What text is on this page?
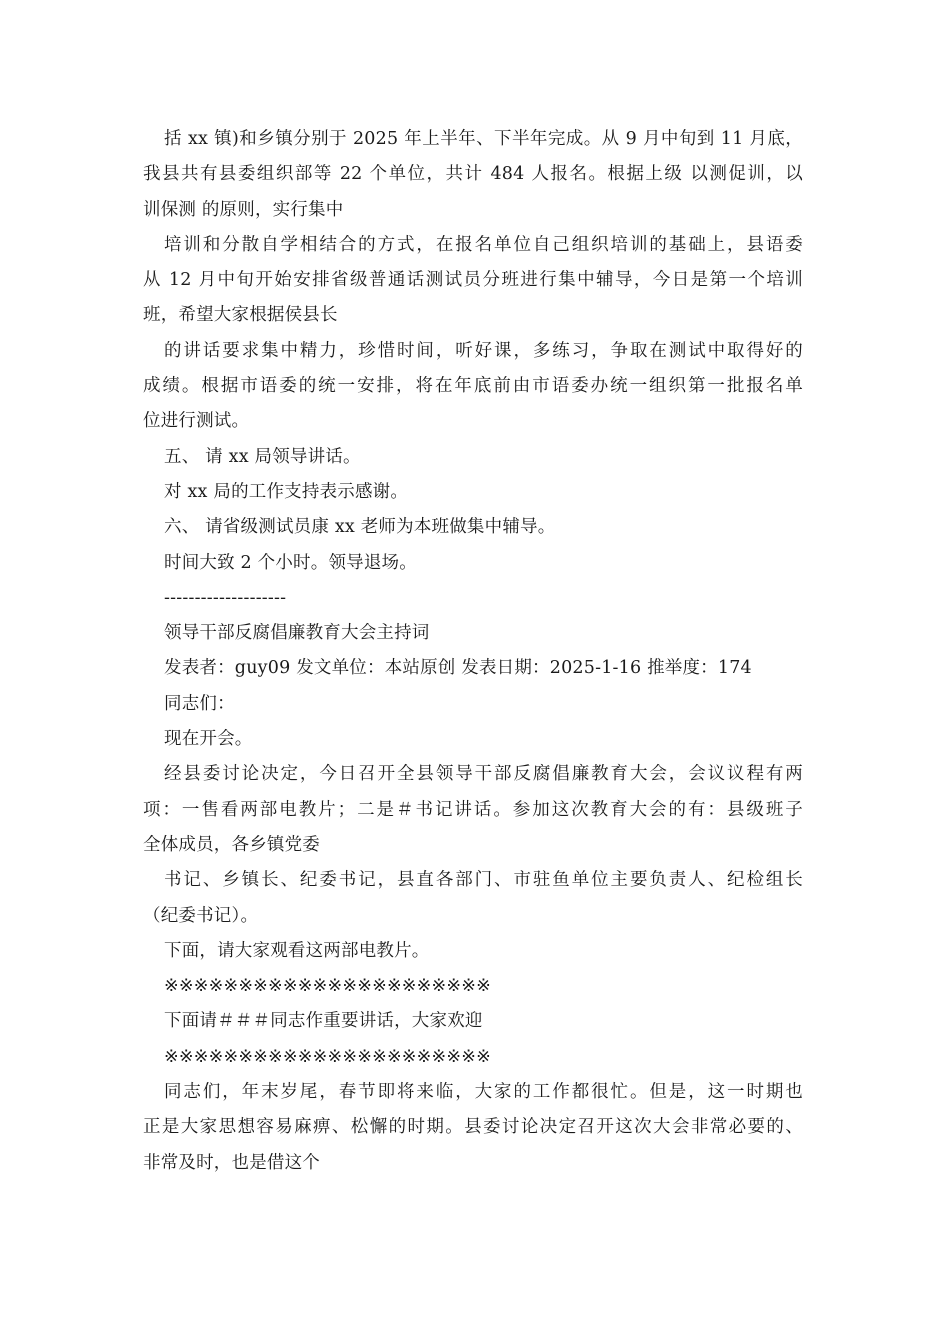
括 xx 镇)和乡镇分别于 2025 年上半年、下半年完成。从 9 月中旬到 11 月底，
我县共有县委组织部等 22 个单位，共计 484 人报名。根据上级 以测促训，以
训保测 的原则，实行集中
培训和分散自学相结合的方式，在报名单位自己组织培训的基础上，县语委
从 12 月中旬开始安排省级普通话测试员分班进行集中辅导，今日是第一个培训
班，希望大家根据侯县长
的讲话要求集中精力，珍惜时间，听好课，多练习，争取在测试中取得好的
成绩。根据市语委的统一安排，将在年底前由市语委办统一组织第一批报名单
位进行测试。
五、 请 xx 局领导讲话。
对 xx 局的工作支持表示感谢。
六、 请省级测试员康 xx 老师为本班做集中辅导。
时间大致 2 个小时。领导退场。
--------------------
领导干部反腐倡廉教育大会主持词
发表者：guy09 发文单位：本站原创 发表日期：2025-1-16 推举度：174
同志们：
现在开会。
经县委讨论决定，今日召开全县领导干部反腐倡廉教育大会，会议议程有两
项：一售看两部电教片；二是＃书记讲话。参加这次教育大会的有：县级班子
全体成员，各乡镇党委
书记、乡镇长、纪委书记，县直各部门、市驻鱼单位主要负责人、纪检组长
（纪委书记）。
下面，请大家观看这两部电教片。
※※※※※※※※※※※※※※※※※※※※※※
下面请＃＃＃同志作重要讲话，大家欢迎
※※※※※※※※※※※※※※※※※※※※※※
同志们，年末岁尾，春节即将来临，大家的工作都很忙。但是，这一时期也
正是大家思想容易麻痹、松懈的时期。县委讨论决定召开这次大会非常必要的、
非常及时，也是借这个
